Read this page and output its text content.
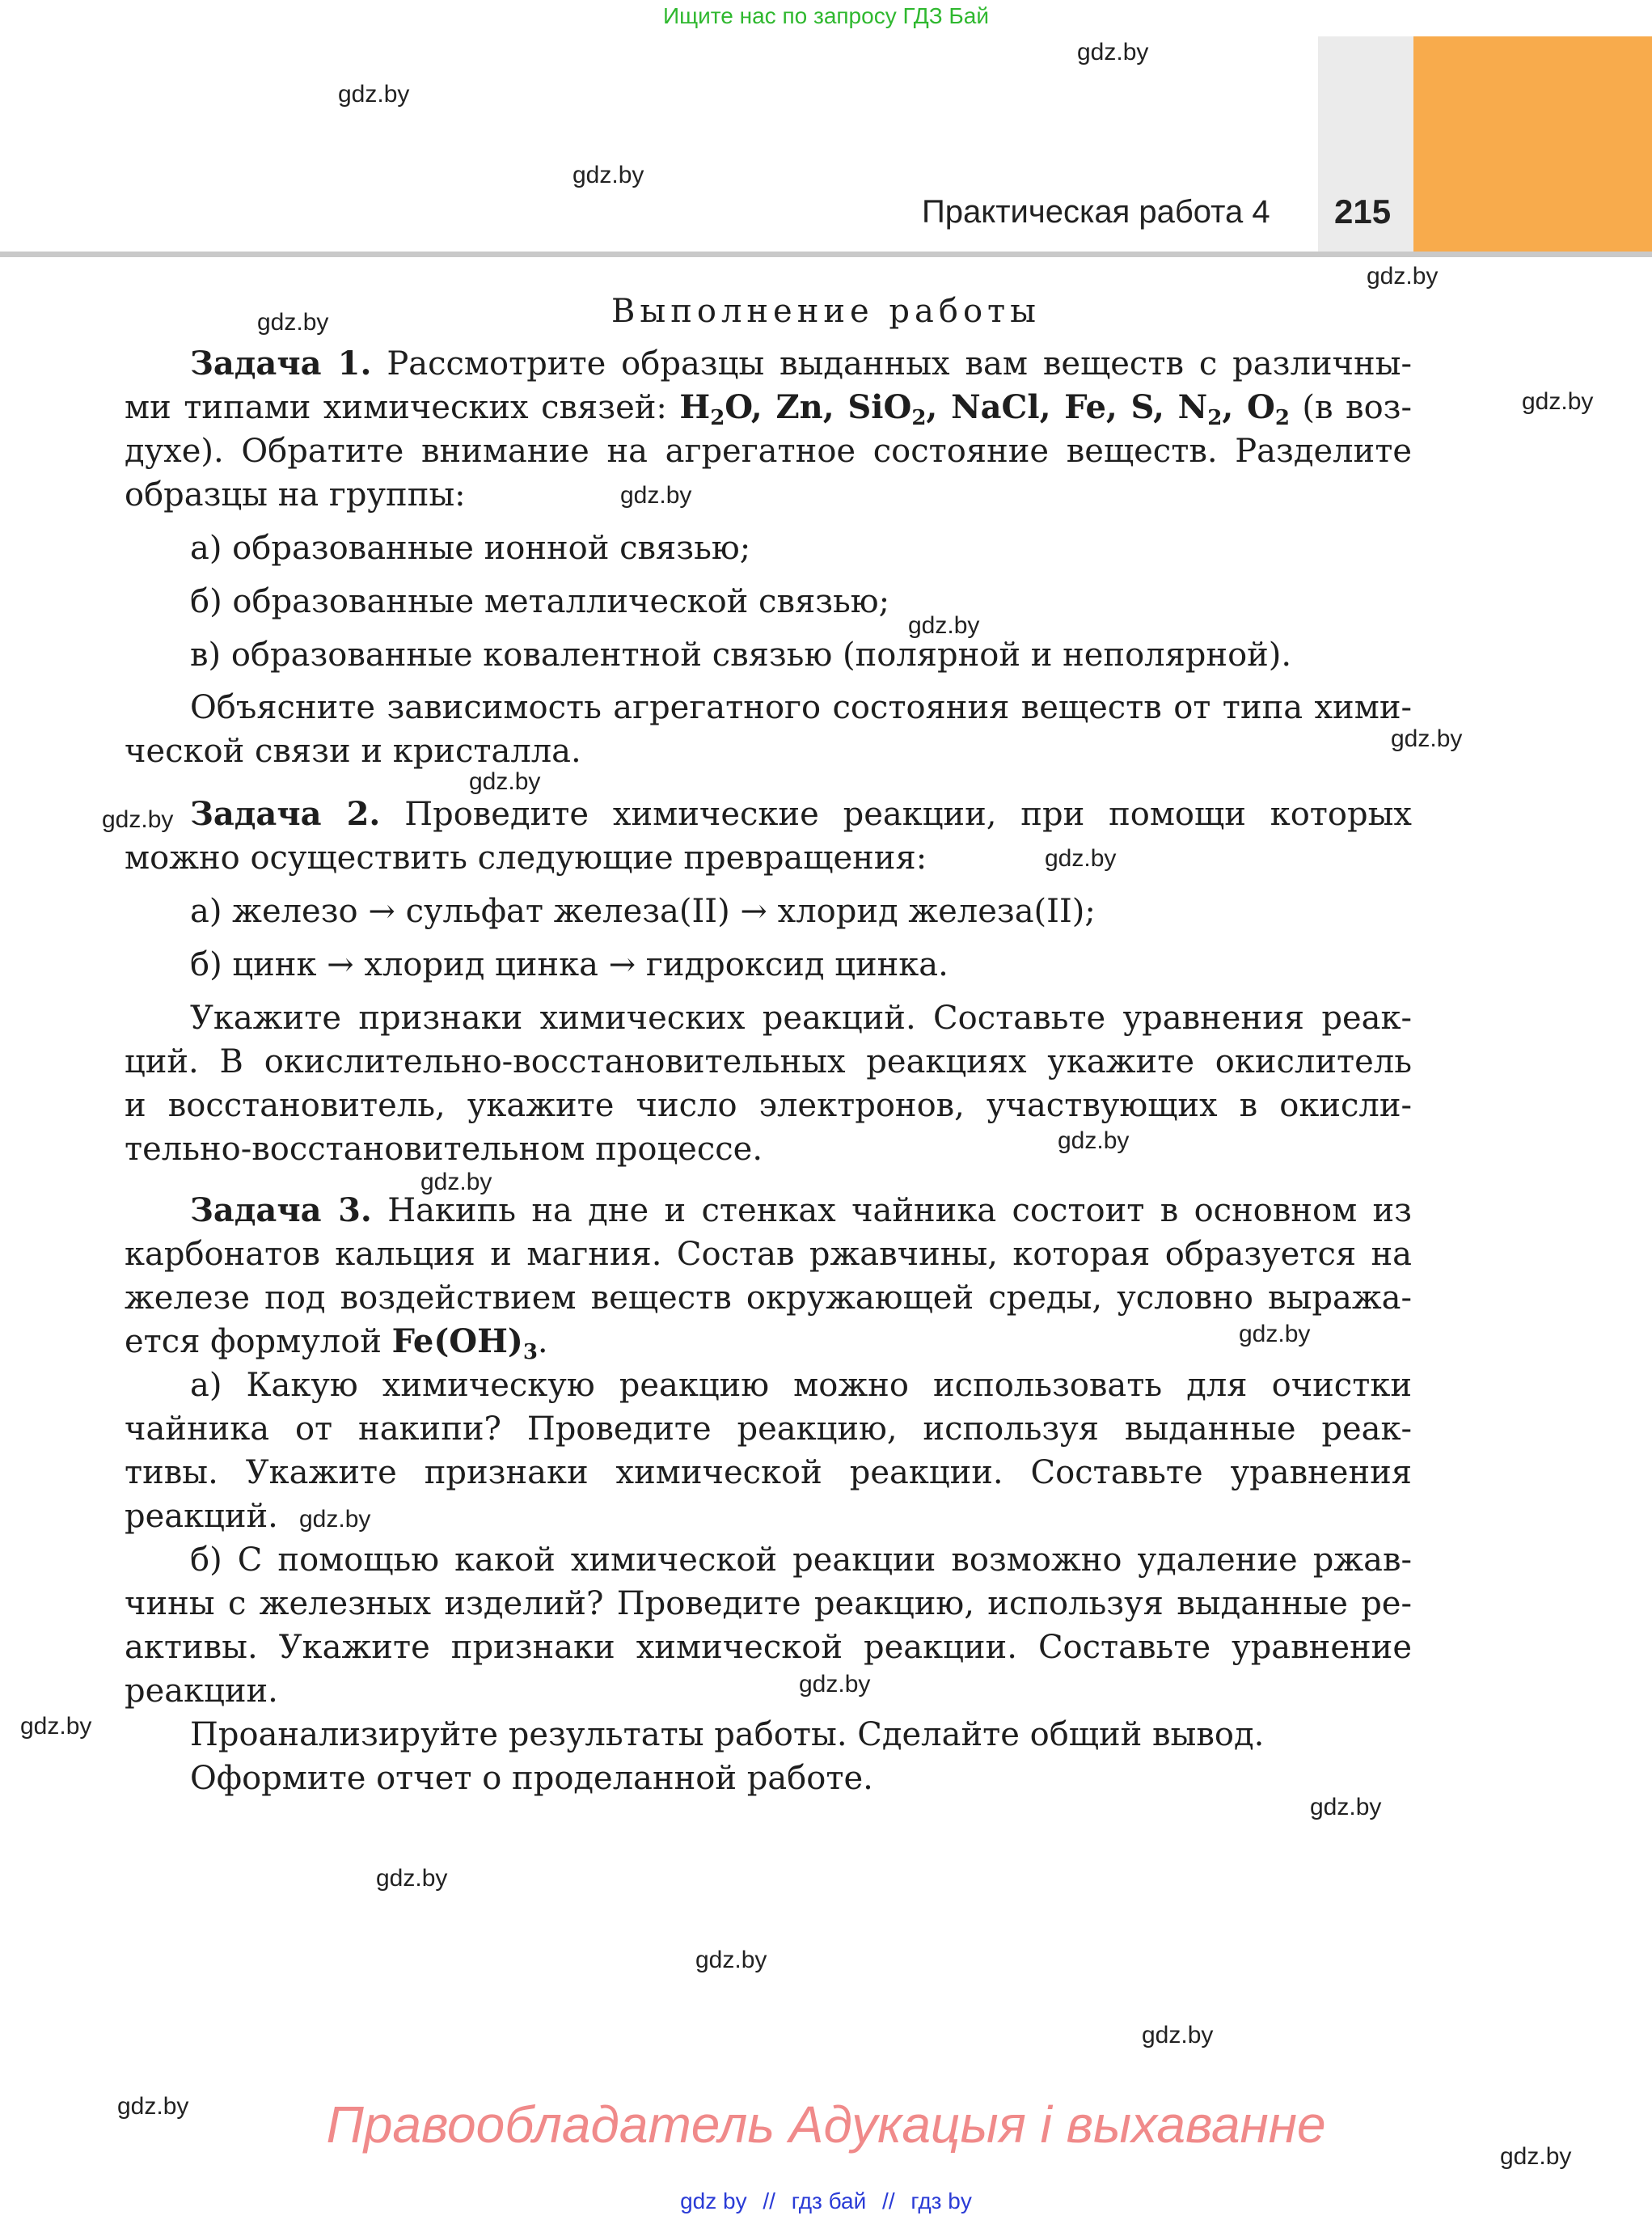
Ищите нас по запросу ГДЗ Бай
Практическая работа 4 215
gdz.by
gdz.by
gdz.by
gdz.by
gdz.by
gdz.by
gdz.by
gdz.by
gdz.by
gdz.by
gdz.by
gdz.by
gdz.by
gdz.by
gdz.by
gdz.by
gdz.by
gdz.by
gdz.by
gdz.by
gdz.by
gdz.by
gdz.by
gdz.by
Выполнение работы
Задача 1. Рассмотрите образцы выданных вам веществ с различны-
ми типами химических связей: $H_2O$, Zn, SiO$_2$, NaCl, Fe, S, $N_2$, $O_2$ (в воз-
духе). Обратите внимание на агрегатное состояние веществ. Разделите
образцы на группы:
а) образованные ионной связью;
б) образованные металлической связью;
в) образованные ковалентной связью (полярной и неполярной).
Объясните зависимость агрегатного состояния веществ от типа хими-
ческой связи и кристалла.
Задача 2. Проведите химические реакции, при помощи которых
можно осуществить следующие превращения:
а) железо → сульфат железа(II) → хлорид железа(II);
б) цинк → хлорид цинка → гидроксид цинка.
Укажите признаки химических реакций. Составьте уравнения реак-
ций. В окислительно-восстановительных реакциях укажите окислитель
и восстановитель, укажите число электронов, участвующих в окисли-
тельно-восстановительном процессе.
Задача 3. Накипь на дне и стенках чайника состоит в основном из
карбонатов кальция и магния. Состав ржавчины, которая образуется на
железе под воздействием веществ окружающей среды, условно выража-
ется формулой $Fe(OH)_3$.
а) Какую химическую реакцию можно использовать для очистки
чайника от накипи? Проведите реакцию, используя выданные реак-
тивы. Укажите признаки химической реакции. Составьте уравнения
реакций.
б) С помощью какой химической реакции возможно удаление ржав-
чины с железных изделий? Проведите реакцию, используя выданные ре-
активы. Укажите признаки химической реакции. Составьте уравнение
реакции.
Проанализируйте результаты работы. Сделайте общий вывод.
Оформите отчет о проделанной работе.
Правообладатель Адукацыя і выхаванне
gdz by // гдз бай // гдз by
